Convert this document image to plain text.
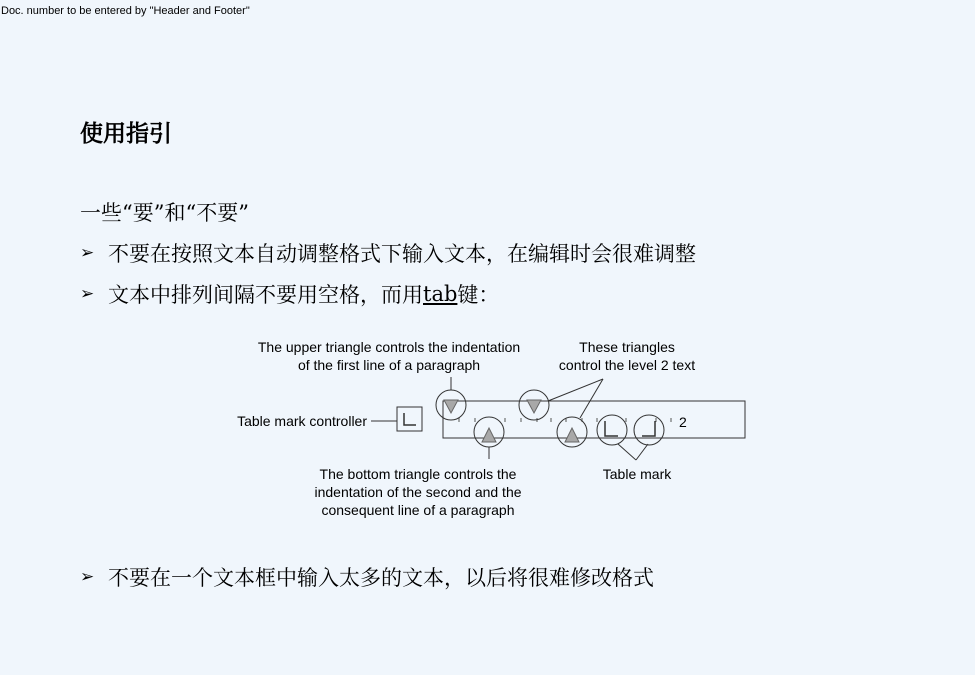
Doc. number to be entered by "Header and Footer"
使用指引
一些“要”和“不要”
➢ 不要在按照文本自动调整格式下输入文本，在编辑时会很难调整
➢ 文本中排列间隔不要用空格，而用 tab 键：
2
The upper triangle controls the indentation
of the first line of a paragraph
These triangles
control the level 2 text
Table mark controller
The bottom triangle controls the
indentation of the second and the
consequent line of a paragraph
Table mark
➢ 不要在一个文本框中输入太多的文本，以后将很难修改格式
